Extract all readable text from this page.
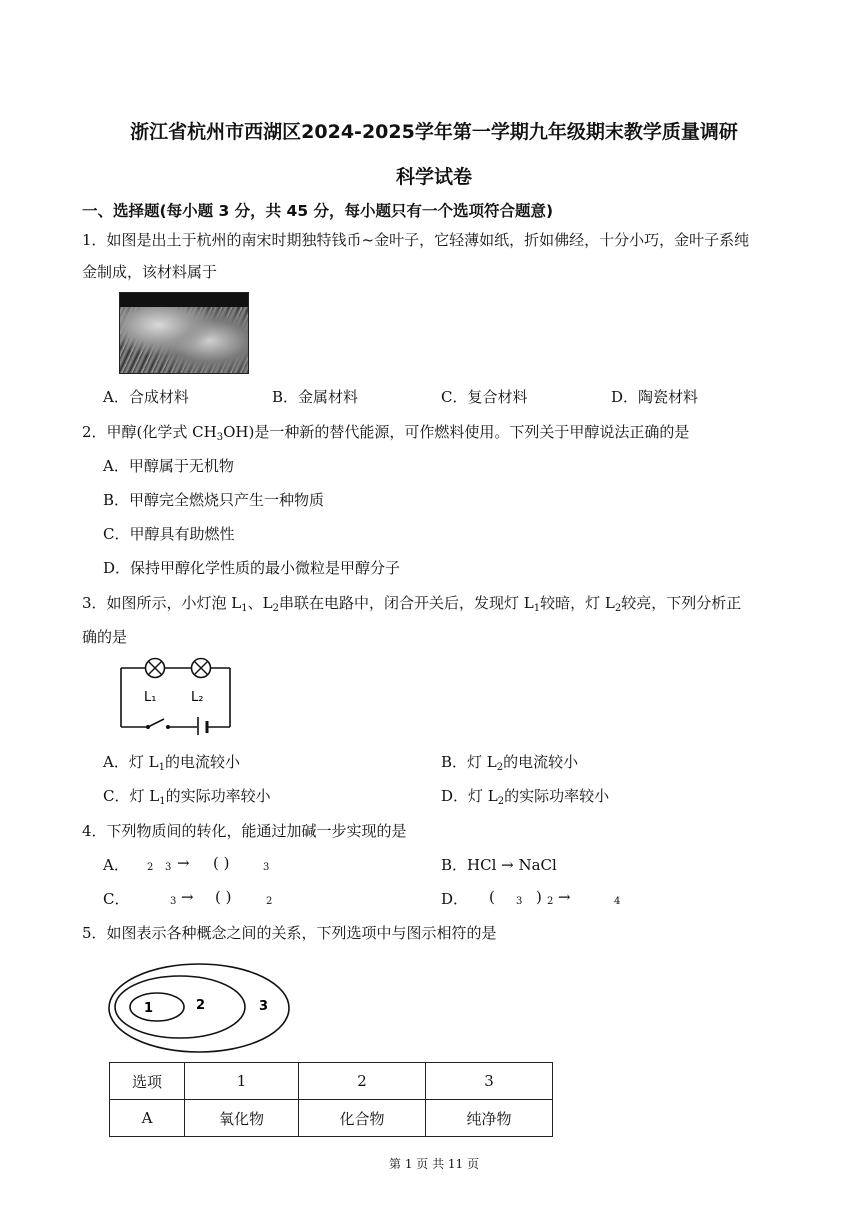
浙江省杭州市西湖区2024-2025学年第一学期九年级期末教学质量调研
科学试卷
一、选择题(每小题 3 分，共 45 分，每小题只有一个选项符合题意)
1．如图是出土于杭州的南宋时期独特钱币~金叶子，它轻薄如纸，折如佛经，十分小巧，金叶子系纯
金制成，该材料属于
A．合成材料	B．金属材料	C．复合材料	D．陶瓷材料
2．甲醇(化学式 $CH_3OH$)是一种新的替代能源，可作燃料使用。下列关于甲醇说法正确的是
A．甲醇属于无机物
B．甲醇完全燃烧只产生一种物质
C．甲醇具有助燃性
D．保持甲醇化学性质的最小微粒是甲醇分子
3．如图所示，小灯泡 $L_1$、$L_2$串联在电路中，闭合开关后，发现灯 $L_1$较暗，灯 $L_2$较亮，下列分析正
确的是
L₁	L₂
A．灯 $L_1$的电流较小	B．灯 $L_2$的电流较小
C．灯 $L_1$的实际功率较小	D．灯 $L_2$的实际功率较小
4．下列物质间的转化，能通过加碱一步实现的是
A． 2 3 → ( )	3	B．HCl → NaCl
C．	3 → ( )	2	D． ( 3 ) 2 →	4
5．如图表示各种概念之间的关系，下列选项中与图示相符的是
1	2	3
选项	1	2	3
A	氧化物	化合物	纯净物
第 1 页 共 11 页
